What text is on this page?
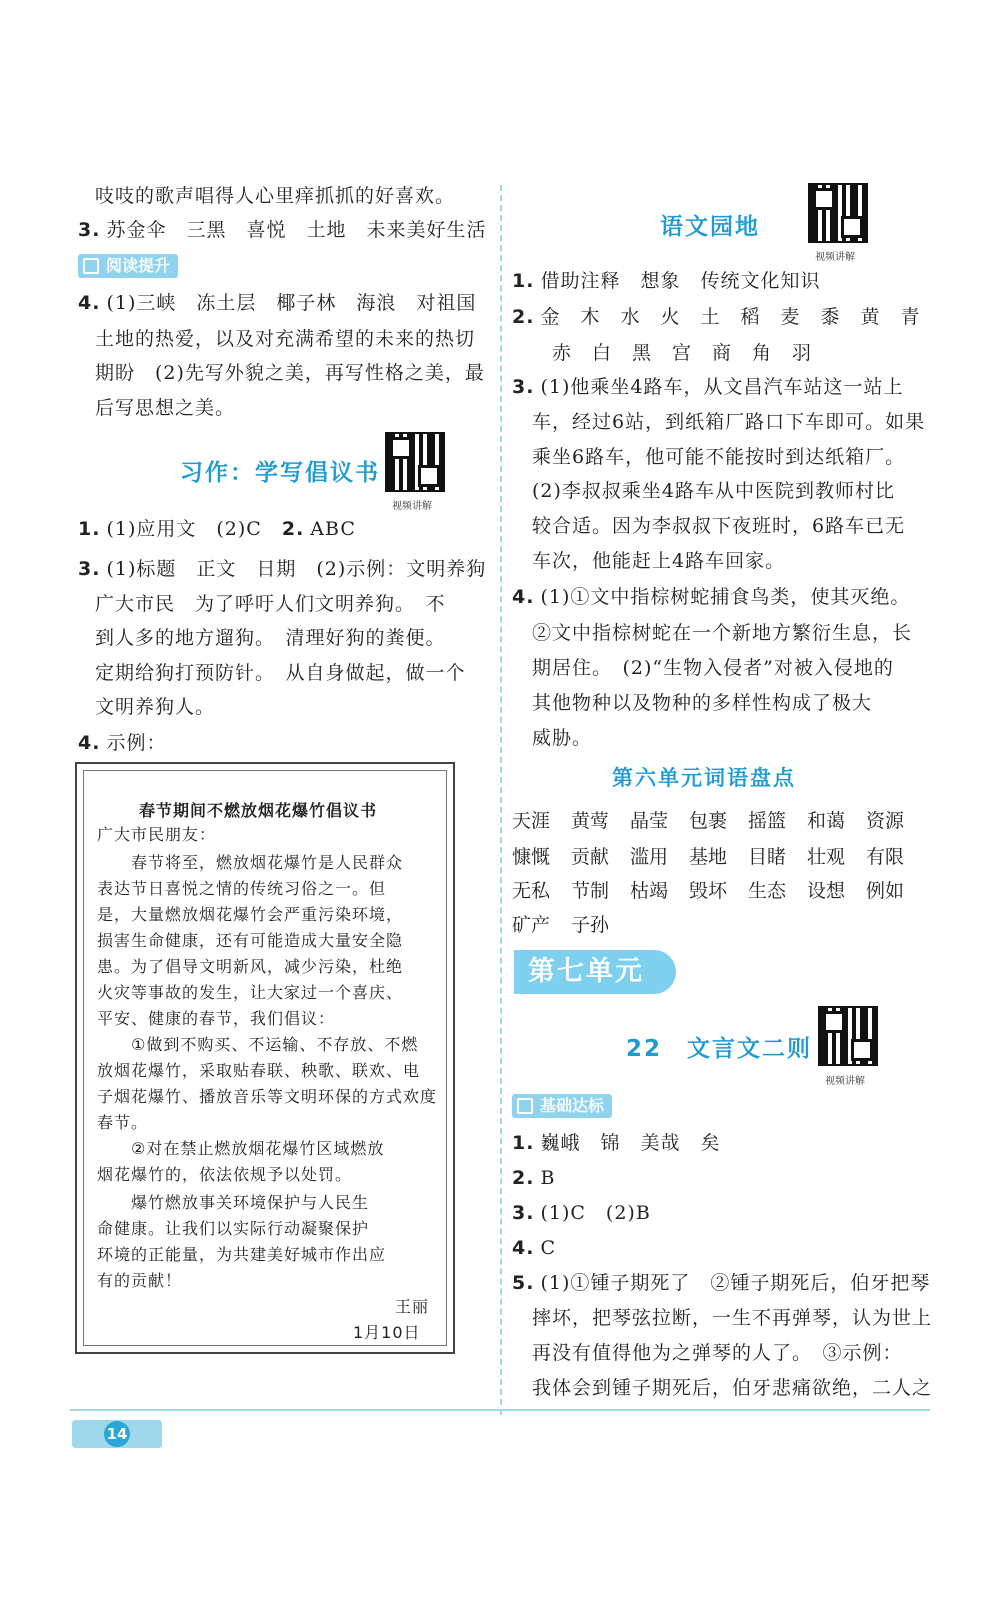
吱吱的歌声唱得人心里痒抓抓的好喜欢。
3. 苏金伞　三黑　喜悦　土地　未来美好生活
阅读提升
4. (1)三峡　冻土层　椰子林　海浪　对祖国
土地的热爱，以及对充满希望的未来的热切
期盼　(2)先写外貌之美，再写性格之美，最
后写思想之美。
习作：学写倡议书
视频讲解
1. (1)应用文　(2)C　 2. ABC
3. (1)标题　正文　日期　(2)示例：文明养狗
广大市民　为了呼吁人们文明养狗。　不
到人多的地方遛狗。　清理好狗的粪便。
定期给狗打预防针。　从自身做起，做一个
文明养狗人。
4. 示例：
春节期间不燃放烟花爆竹倡议书
广大市民朋友：
　　春节将至，燃放烟花爆竹是人民群众
表达节日喜悦之情的传统习俗之一。但
是，大量燃放烟花爆竹会严重污染环境，
损害生命健康，还有可能造成大量安全隐
患。为了倡导文明新风，减少污染，杜绝
火灾等事故的发生，让大家过一个喜庆、
平安、健康的春节，我们倡议：
　　①做到不购买、不运输、不存放、不燃
放烟花爆竹，采取贴春联、秧歌、联欢、电
子烟花爆竹、播放音乐等文明环保的方式欢度
春节。
　　②对在禁止燃放烟花爆竹区域燃放
烟花爆竹的，依法依规予以处罚。
　　爆竹燃放事关环境保护与人民生
命健康。让我们以实际行动凝聚保护
环境的正能量，为共建美好城市作出应
有的贡献！
王丽
1月10日
语文园地
视频讲解
1. 借助注释　想象　传统文化知识
2. 金　木　水　火　土　稻　麦　黍　黄　青
赤　白　黑　宫　商　角　羽
3. (1)他乘坐4路车，从文昌汽车站这一站上
车，经过6站，到纸箱厂路口下车即可。如果
乘坐6路车，他可能不能按时到达纸箱厂。
(2)李叔叔乘坐4路车从中医院到教师村比
较合适。因为李叔叔下夜班时，6路车已无
车次，他能赶上4路车回家。
4. (1)①文中指棕树蛇捕食鸟类，使其灭绝。
②文中指棕树蛇在一个新地方繁衍生息，长
期居住。　(2)“生物入侵者”对被入侵地的
其他物种以及物种的多样性构成了极大
威胁。
第六单元词语盘点
天涯 黄莺 晶莹 包裹 摇篮 和蔼 资源
慷慨 贡献 滥用 基地 目睹 壮观 有限
无私 节制 枯竭 毁坏 生态 设想 例如
矿产 子孙
第七单元
22　文言文二则
视频讲解
基础达标
1. 巍峨　锦　美哉　矣
2. B
3. (1)C　(2)B
4. C
5. (1)①锺子期死了　②锺子期死后，伯牙把琴
摔坏，把琴弦拉断，一生不再弹琴，认为世上
再没有值得他为之弹琴的人了。　③示例：
我体会到锺子期死后，伯牙悲痛欲绝，二人之
14
